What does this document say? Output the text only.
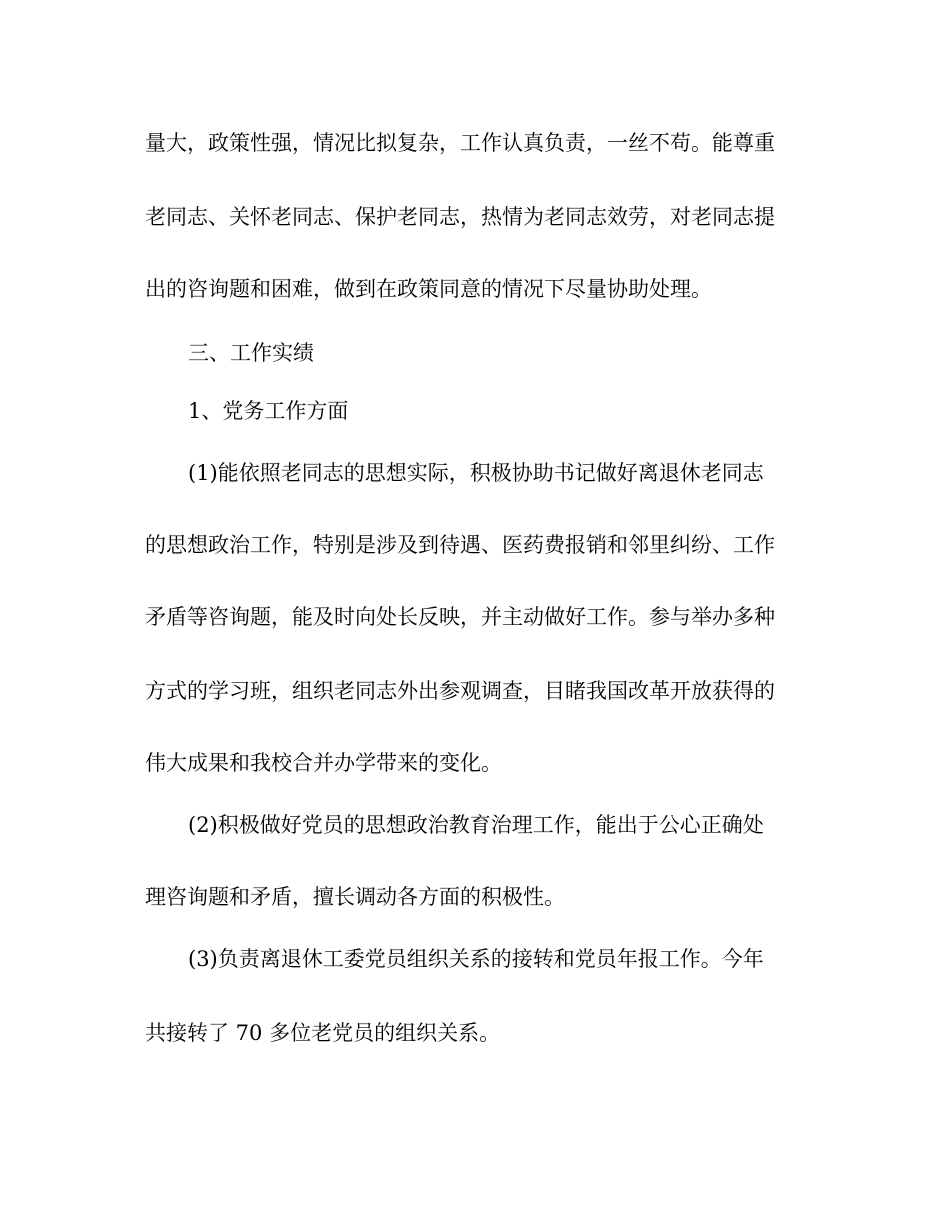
量大，政策性强，情况比拟复杂，工作认真负责，一丝不苟。能尊重
老同志、关怀老同志、保护老同志，热情为老同志效劳，对老同志提
出的咨询题和困难，做到在政策同意的情况下尽量协助处理。
三、工作实绩
1、党务工作方面
(1)能依照老同志的思想实际，积极协助书记做好离退休老同志
的思想政治工作，特别是涉及到待遇、医药费报销和邻里纠纷、工作
矛盾等咨询题，能及时向处长反映，并主动做好工作。参与举办多种
方式的学习班，组织老同志外出参观调查，目睹我国改革开放获得的
伟大成果和我校合并办学带来的变化。
(2)积极做好党员的思想政治教育治理工作，能出于公心正确处
理咨询题和矛盾，擅长调动各方面的积极性。
(3)负责离退休工委党员组织关系的接转和党员年报工作。今年
共接转了 70 多位老党员的组织关系。
